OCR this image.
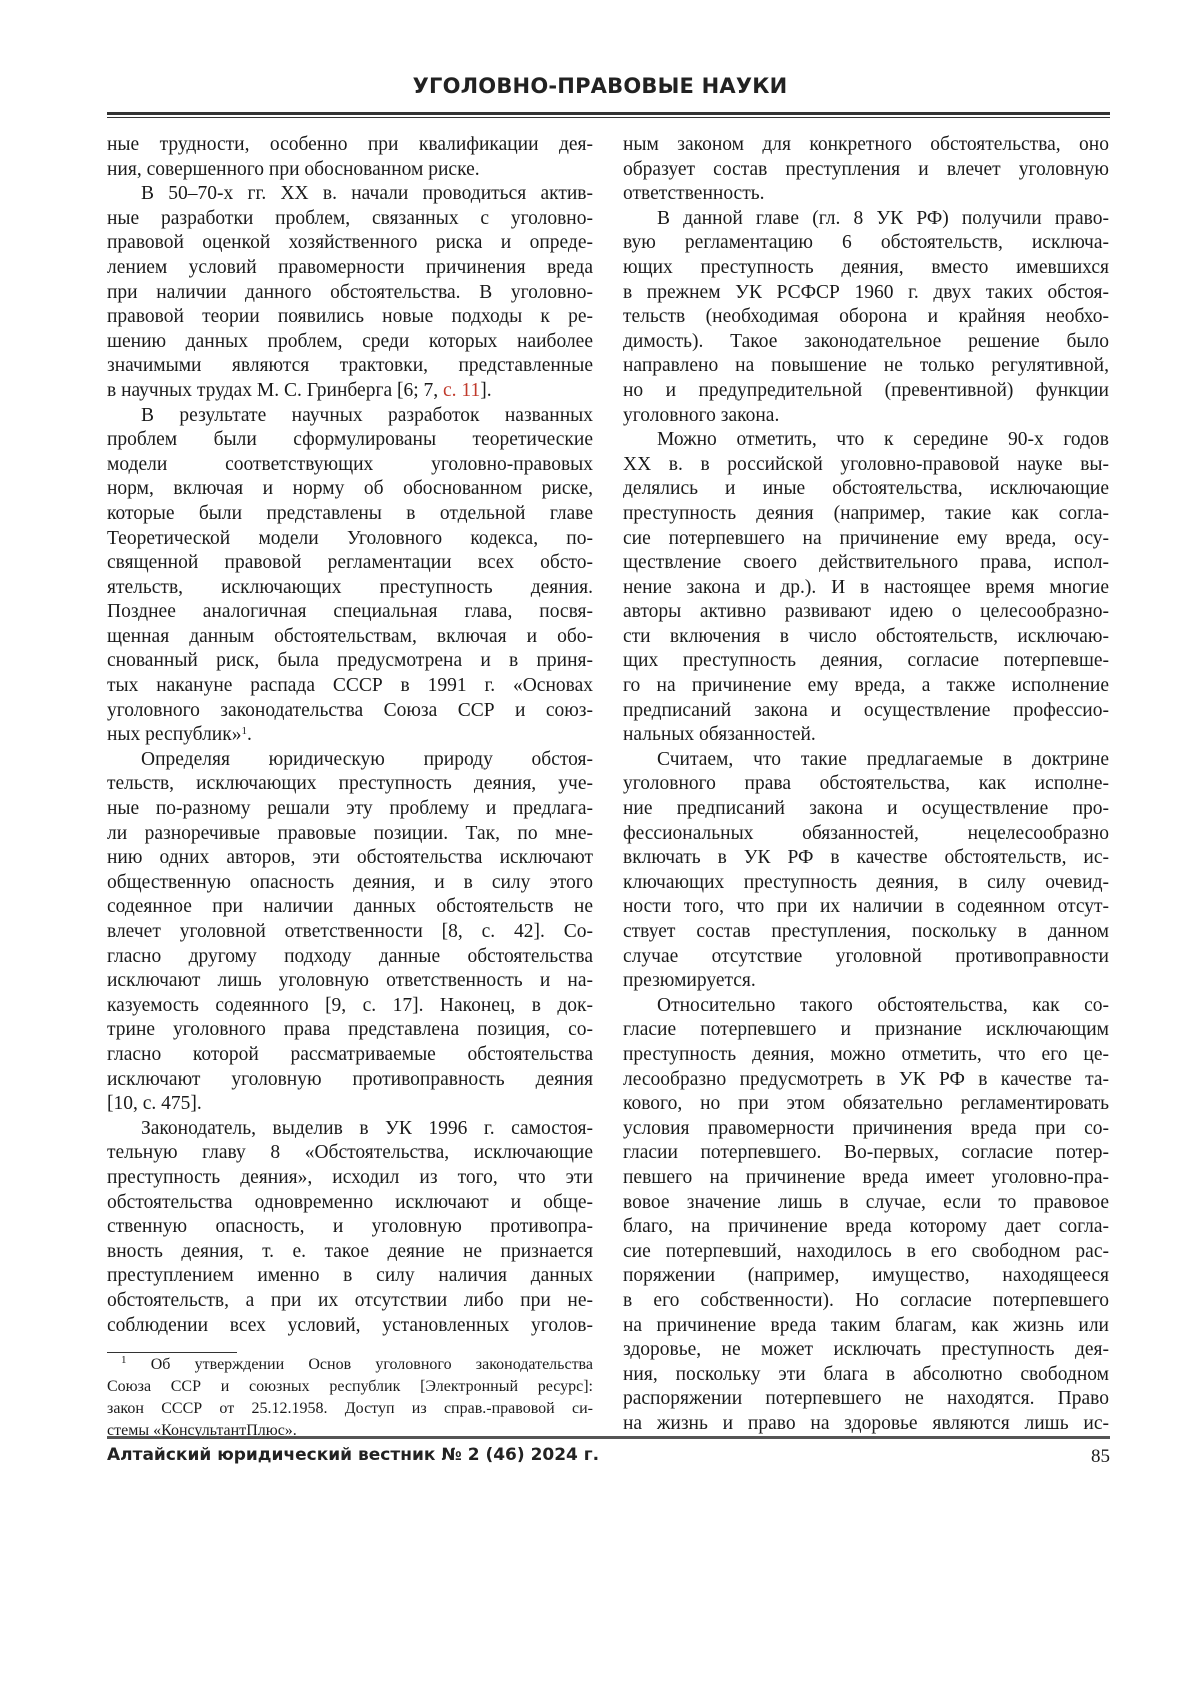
УГОЛОВНО-ПРАВОВЫЕ НАУКИ
ные трудности, особенно при квалификации дея-
ния, совершенного при обоснованном риске.
В 50–70-х гг. XX в. начали проводиться актив-
ные разработки проблем, связанных с уголовно-
правовой оценкой хозяйственного риска и опреде-
лением условий правомерности причинения вреда
при наличии данного обстоятельства. В уголовно-
правовой теории появились новые подходы к ре-
шению данных проблем, среди которых наиболее
значимыми являются трактовки, представленные
в научных трудах М. С. Гринберга [6; 7, с. 11].
В результате научных разработок названных
проблем были сформулированы теоретические
модели соответствующих уголовно-правовых
норм, включая и норму об обоснованном риске,
которые были представлены в отдельной главе
Теоретической модели Уголовного кодекса, по-
священной правовой регламентации всех обсто-
ятельств, исключающих преступность деяния.
Позднее аналогичная специальная глава, посвя-
щенная данным обстоятельствам, включая и обо-
снованный риск, была предусмотрена и в приня-
тых накануне распада СССР в 1991 г. «Основах
уголовного законодательства Союза ССР и союз-
ных республик»1.
Определяя юридическую природу обстоя-
тельств, исключающих преступность деяния, уче-
ные по-разному решали эту проблему и предлага-
ли разноречивые правовые позиции. Так, по мне-
нию одних авторов, эти обстоятельства исключают
общественную опасность деяния, и в силу этого
содеянное при наличии данных обстоятельств не
влечет уголовной ответственности [8, с. 42]. Со-
гласно другому подходу данные обстоятельства
исключают лишь уголовную ответственность и на-
казуемость содеянного [9, с. 17]. Наконец, в док-
трине уголовного права представлена позиция, со-
гласно которой рассматриваемые обстоятельства
исключают уголовную противоправность деяния
[10, с. 475].
Законодатель, выделив в УК 1996 г. самостоя-
тельную главу 8 «Обстоятельства, исключающие
преступность деяния», исходил из того, что эти
обстоятельства одновременно исключают и обще-
ственную опасность, и уголовную противопра-
вность деяния, т. е. такое деяние не признается
преступлением именно в силу наличия данных
обстоятельств, а при их отсутствии либо при не-
соблюдении всех условий, установленных уголов-
ным законом для конкретного обстоятельства, оно
образует состав преступления и влечет уголовную
ответственность.
В данной главе (гл. 8 УК РФ) получили право-
вую регламентацию 6 обстоятельств, исключа-
ющих преступность деяния, вместо имевшихся
в прежнем УК РСФСР 1960 г. двух таких обстоя-
тельств (необходимая оборона и крайняя необхо-
димость). Такое законодательное решение было
направлено на повышение не только регулятивной,
но и предупредительной (превентивной) функции
уголовного закона.
Можно отметить, что к середине 90-х годов
XX в. в российской уголовно-правовой науке вы-
делялись и иные обстоятельства, исключающие
преступность деяния (например, такие как согла-
сие потерпевшего на причинение ему вреда, осу-
ществление своего действительного права, испол-
нение закона и др.). И в настоящее время многие
авторы активно развивают идею о целесообразно-
сти включения в число обстоятельств, исключаю-
щих преступность деяния, согласие потерпевше-
го на причинение ему вреда, а также исполнение
предписаний закона и осуществление профессио-
нальных обязанностей.
Считаем, что такие предлагаемые в доктрине
уголовного права обстоятельства, как исполне-
ние предписаний закона и осуществление про-
фессиональных обязанностей, нецелесообразно
включать в УК РФ в качестве обстоятельств, ис-
ключающих преступность деяния, в силу очевид-
ности того, что при их наличии в содеянном отсут-
ствует состав преступления, поскольку в данном
случае отсутствие уголовной противоправности
презюмируется.
Относительно такого обстоятельства, как со-
гласие потерпевшего и признание исключающим
преступность деяния, можно отметить, что его це-
лесообразно предусмотреть в УК РФ в качестве та-
кового, но при этом обязательно регламентировать
условия правомерности причинения вреда при со-
гласии потерпевшего. Во-первых, согласие потер-
певшего на причинение вреда имеет уголовно-пра-
вовое значение лишь в случае, если то правовое
благо, на причинение вреда которому дает согла-
сие потерпевший, находилось в его свободном рас-
поряжении (например, имущество, находящееся
в его собственности). Но согласие потерпевшего
на причинение вреда таким благам, как жизнь или
здоровье, не может исключать преступность дея-
ния, поскольку эти блага в абсолютно свободном
распоряжении потерпевшего не находятся. Право
на жизнь и право на здоровье являются лишь ис-
1 Об утверждении Основ уголовного законодательства
Союза ССР и союзных республик [Электронный ресурс]:
закон СССР от 25.12.1958. Доступ из справ.-правовой си-
стемы «КонсультантПлюс».
Алтайский юридический вестник № 2 (46) 2024 г.	85
